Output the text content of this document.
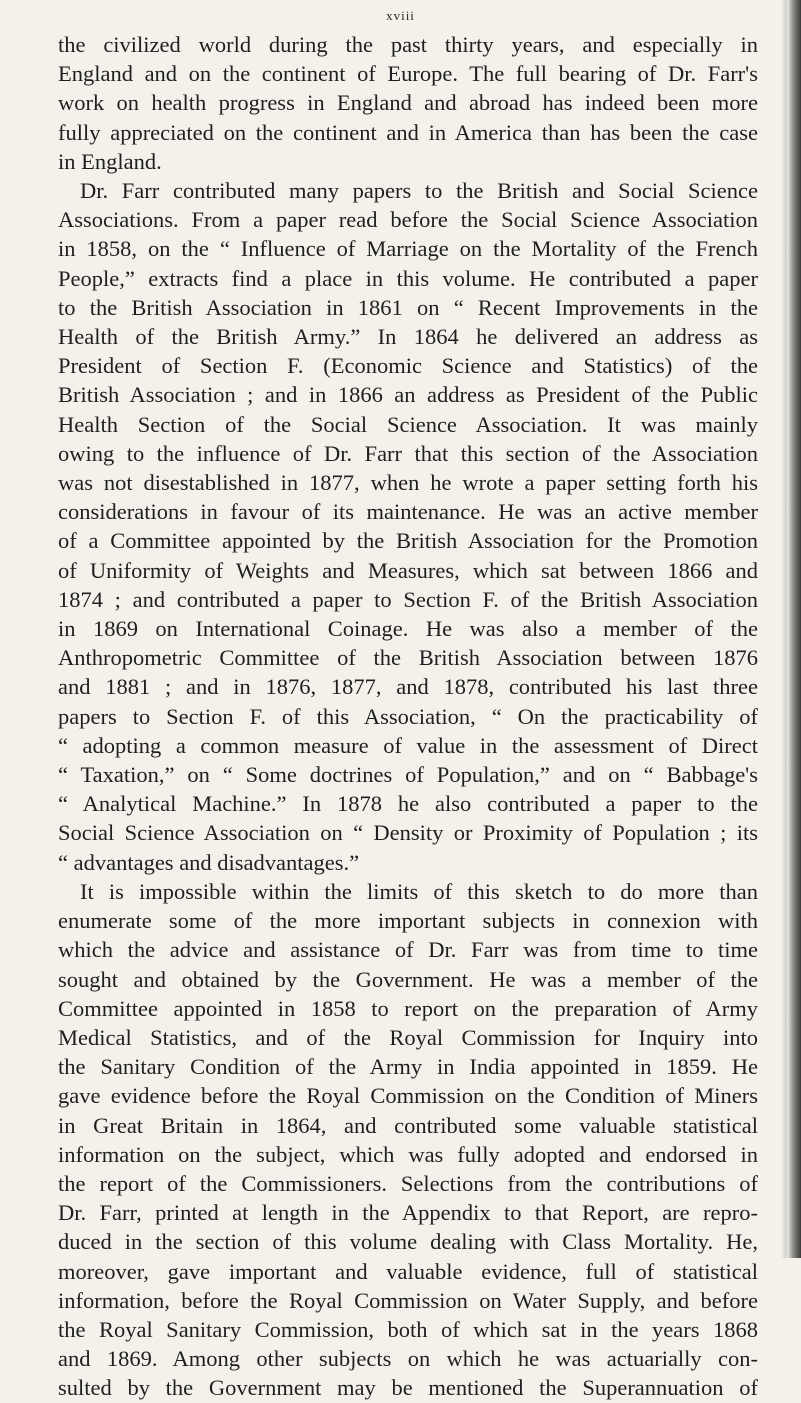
xviii
the civilized world during the past thirty years, and especially in
England and on the continent of Europe. The full bearing of Dr. Farr's
work on health progress in England and abroad has indeed been more
fully appreciated on the continent and in America than has been the case
in England.
Dr. Farr contributed many papers to the British and Social Science
Associations. From a paper read before the Social Science Association
in 1858, on the “ Influence of Marriage on the Mortality of the French
People,” extracts find a place in this volume. He contributed a paper
to the British Association in 1861 on “ Recent Improvements in the
Health of the British Army.” In 1864 he delivered an address as
President of Section F. (Economic Science and Statistics) of the
British Association ; and in 1866 an address as President of the Public
Health Section of the Social Science Association. It was mainly
owing to the influence of Dr. Farr that this section of the Association
was not disestablished in 1877, when he wrote a paper setting forth his
considerations in favour of its maintenance. He was an active member
of a Committee appointed by the British Association for the Promotion
of Uniformity of Weights and Measures, which sat between 1866 and
1874 ; and contributed a paper to Section F. of the British Association
in 1869 on International Coinage. He was also a member of the
Anthropometric Committee of the British Association between 1876
and 1881 ; and in 1876, 1877, and 1878, contributed his last three
papers to Section F. of this Association, “ On the practicability of
“ adopting a common measure of value in the assessment of Direct
“ Taxation,” on “ Some doctrines of Population,” and on “ Babbage's
“ Analytical Machine.” In 1878 he also contributed a paper to the
Social Science Association on “ Density or Proximity of Population ; its
“ advantages and disadvantages.”
It is impossible within the limits of this sketch to do more than
enumerate some of the more important subjects in connexion with
which the advice and assistance of Dr. Farr was from time to time
sought and obtained by the Government. He was a member of the
Committee appointed in 1858 to report on the preparation of Army
Medical Statistics, and of the Royal Commission for Inquiry into
the Sanitary Condition of the Army in India appointed in 1859. He
gave evidence before the Royal Commission on the Condition of Miners
in Great Britain in 1864, and contributed some valuable statistical
information on the subject, which was fully adopted and endorsed in
the report of the Commissioners. Selections from the contributions of
Dr. Farr, printed at length in the Appendix to that Report, are repro-
duced in the section of this volume dealing with Class Mortality. He,
moreover, gave important and valuable evidence, full of statistical
information, before the Royal Commission on Water Supply, and before
the Royal Sanitary Commission, both of which sat in the years 1868
and 1869. Among other subjects on which he was actuarially con-
sulted by the Government may be mentioned the Superannuation of
